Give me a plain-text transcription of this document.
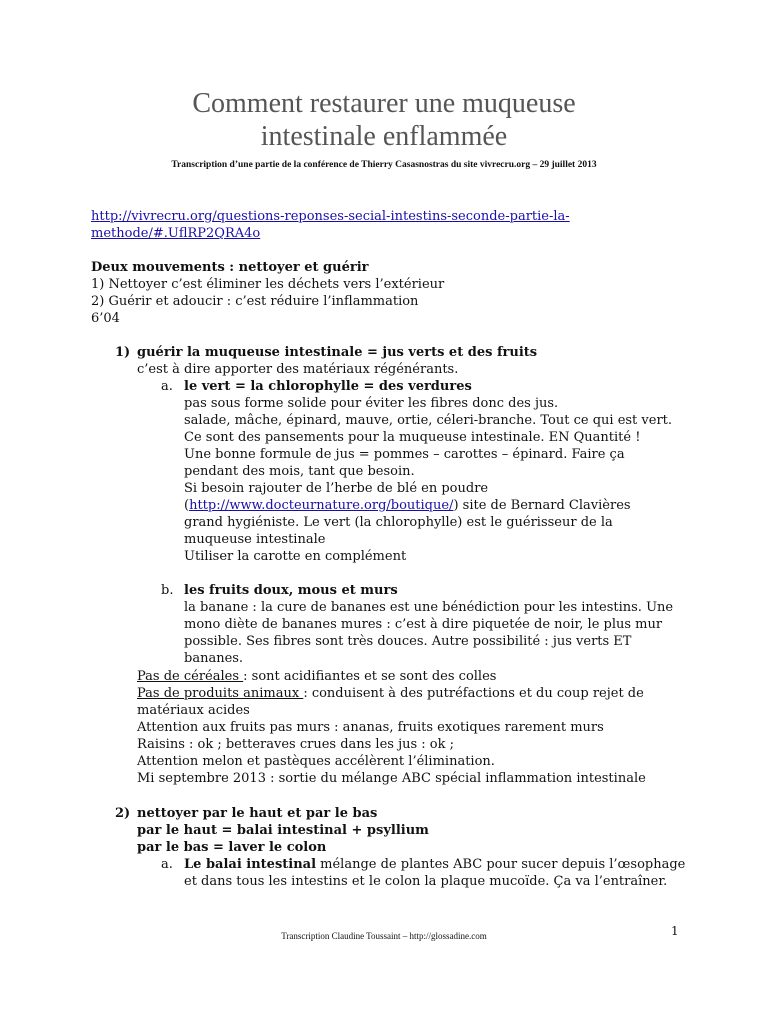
Comment restaurer une muqueuse
intestinale enflammée
Transcription d’une partie de la conférence de Thierry Casasnostras du site vivrecru.org – 29 juillet 2013
http://vivrecru.org/questions-reponses-secial-intestins-seconde-partie-la-
methode/#.UflRP2QRA4o
Deux mouvements : nettoyer et guérir
1) Nettoyer c’est éliminer les déchets vers l’extérieur
2) Guérir et adoucir : c’est réduire l’inflammation
6’04
1) guérir la muqueuse intestinale = jus verts et des fruits
c’est à dire apporter des matériaux régénérants.
a. le vert = la chlorophylle = des verdures
pas sous forme solide pour éviter les fibres donc des jus.
salade, mâche, épinard, mauve, ortie, céleri-branche. Tout ce qui est vert.
Ce sont des pansements pour la muqueuse intestinale. EN Quantité !
Une bonne formule de jus = pommes – carottes – épinard. Faire ça
pendant des mois, tant que besoin.
Si besoin rajouter de l’herbe de blé en poudre
(http://www.docteurnature.org/boutique/) site de Bernard Clavières
grand hygiéniste. Le vert (la chlorophylle) est le guérisseur de la
muqueuse intestinale
Utiliser la carotte en complément
b. les fruits doux, mous et murs
la banane : la cure de bananes est une bénédiction pour les intestins. Une
mono diète de bananes mures : c’est à dire piquetée de noir, le plus mur
possible. Ses fibres sont très douces. Autre possibilité : jus verts ET
bananes.
Pas de céréales : sont acidifiantes et se sont des colles
Pas de produits animaux : conduisent à des putréfactions et du coup rejet de
matériaux acides
Attention aux fruits pas murs : ananas, fruits exotiques rarement murs
Raisins : ok ; betteraves crues dans les jus : ok ;
Attention melon et pastèques accélèrent l’élimination.
Mi septembre 2013 : sortie du mélange ABC spécial inflammation intestinale
2) nettoyer par le haut et par le bas
par le haut = balai intestinal + psyllium
par le bas = laver le colon
a. Le balai intestinal mélange de plantes ABC pour sucer depuis l’œsophage
et dans tous les intestins et le colon la plaque mucoïde. Ça va l’entraîner.
1
Transcription Claudine Toussaint – http://glossadine.com
